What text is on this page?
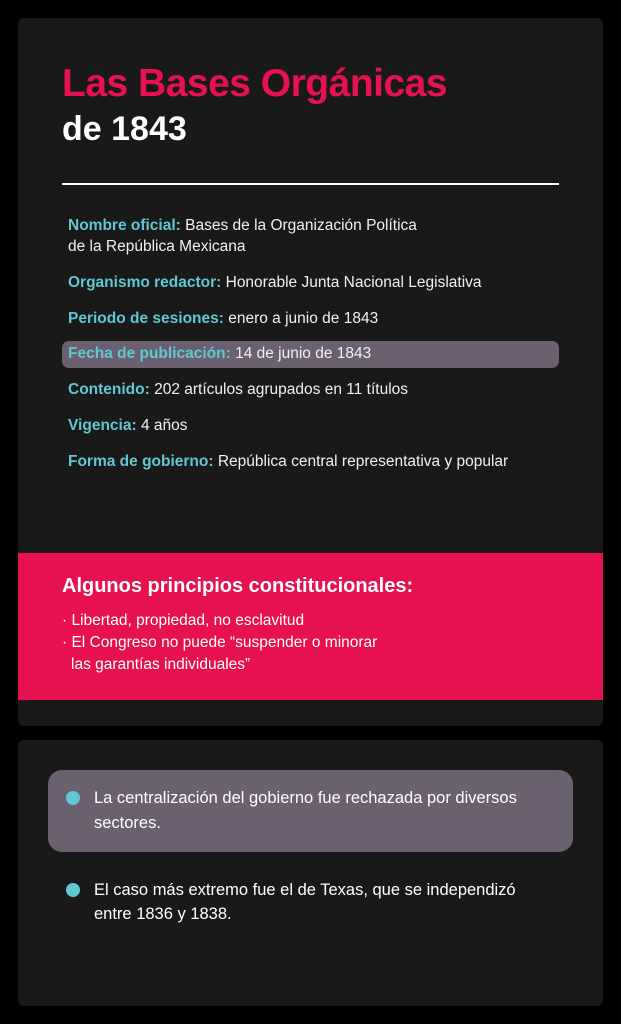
Las Bases Orgánicas
de 1843
Nombre oficial: Bases de la Organización Política
de la República Mexicana
Organismo redactor: Honorable Junta Nacional Legislativa
Periodo de sesiones: enero a junio de 1843
Fecha de publicación: 14 de junio de 1843
Contenido: 202 artículos agrupados en 11 títulos
Vigencia: 4 años
Forma de gobierno: República central representativa y popular
Algunos principios constitucionales:
· Libertad, propiedad, no esclavitud
· El Congreso no puede “suspender o minorar
las garantías individuales”
La centralización del gobierno fue rechazada por diversos sectores.
El caso más extremo fue el de Texas, que se independizó entre 1836 y 1838.
